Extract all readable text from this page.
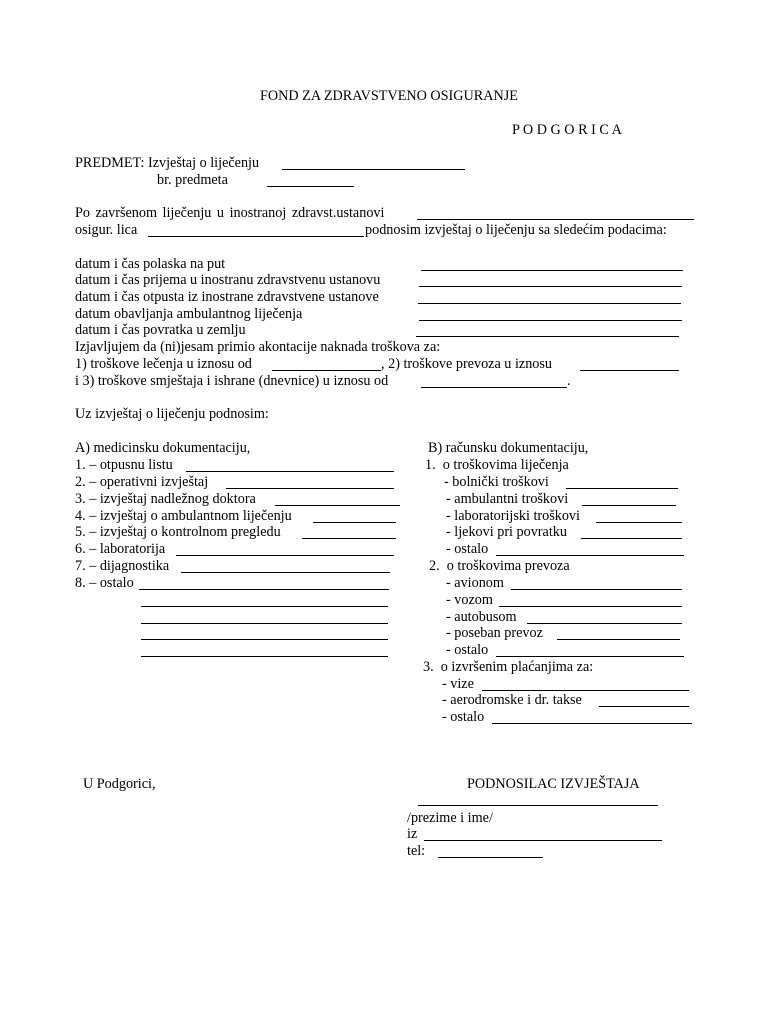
FOND ZA ZDRAVSTVENO OSIGURANJE
P O D G O R I C A
PREDMET: Izvještaj o liječenju
br. predmeta
Po završenom liječenju u inostranoj zdravst.ustanovi
osigur. lica	podnosim izvještaj o liječenju sa sledećim podacima:
datum i čas polaska na put
datum i čas prijema u inostranu zdravstvenu ustanovu
datum i čas otpusta iz inostrane zdravstvene ustanove
datum obavljanja ambulantnog liječenja
datum i čas povratka u zemlju
Izjavljujem da (ni)jesam primio akontacije naknada troškova za:
1) troškove lečenja u iznosu od	, 2) troškove prevoza u iznosu
i 3) troškove smještaja i ishrane (dnevnice) u iznosu od	.
Uz izvještaj o liječenju podnosim:
A) medicinsku dokumentaciju,
1. – otpusnu listu
2. – operativni izvještaj
3. – izvještaj nadležnog doktora
4. – izvještaj o ambulantnom liječenju
5. – izvještaj o kontrolnom pregledu
6. – laboratorija
7. – dijagnostika
8. – ostalo
B) računsku dokumentaciju,
1.  o troškovima liječenja
- bolnički troškovi
- ambulantni troškovi
- laboratorijski troškovi
- ljekovi pri povratku
- ostalo
2.  o troškovima prevoza
- avionom
- vozom
- autobusom
- poseban prevoz
- ostalo
3.  o izvršenim plaćanjima za:
- vize
- aerodromske i dr. takse
- ostalo
U Podgorici,	PODNOSILAC IZVJEŠTAJA
/prezime i ime/
iz
tel:
